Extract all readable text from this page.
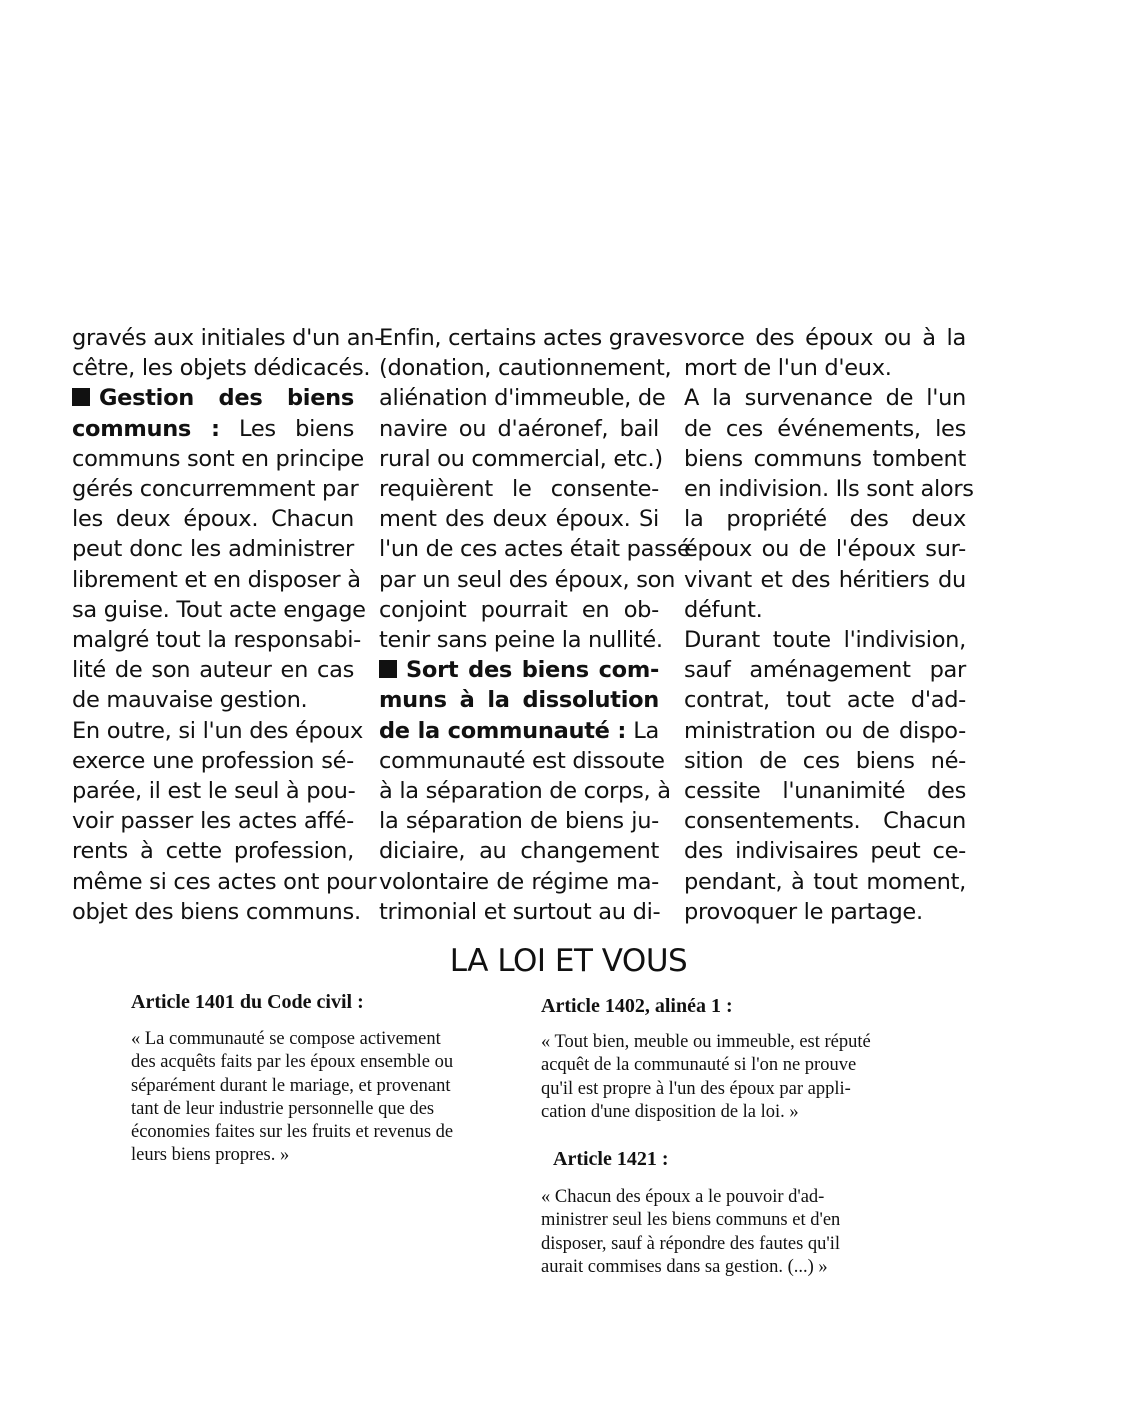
gravés aux initiales d'un an-
cêtre, les objets dédicacés.
Gestion des biens
communs : Les biens
communs sont en principe
gérés concurremment par
les deux époux. Chacun
peut donc les administrer
librement et en disposer à
sa guise. Tout acte engage
malgré tout la responsabi-
lité de son auteur en cas
de mauvaise gestion.
En outre, si l'un des époux
exerce une profession sé-
parée, il est le seul à pou-
voir passer les actes affé-
rents à cette profession,
même si ces actes ont pour
objet des biens communs.
Enfin, certains actes graves
(donation, cautionnement,
aliénation d'immeuble, de
navire ou d'aéronef, bail
rural ou commercial, etc.)
requièrent le consente-
ment des deux époux. Si
l'un de ces actes était passé
par un seul des époux, son
conjoint pourrait en ob-
tenir sans peine la nullité.
Sort des biens com-
muns à la dissolution
de la communauté : La
communauté est dissoute
à la séparation de corps, à
la séparation de biens ju-
diciaire, au changement
volontaire de régime ma-
trimonial et surtout au di-
vorce des époux ou à la
mort de l'un d'eux.
A la survenance de l'un
de ces événements, les
biens communs tombent
en indivision. Ils sont alors
la propriété des deux
époux ou de l'époux sur-
vivant et des héritiers du
défunt.
Durant toute l'indivision,
sauf aménagement par
contrat, tout acte d'ad-
ministration ou de dispo-
sition de ces biens né-
cessite l'unanimité des
consentements. Chacun
des indivisaires peut ce-
pendant, à tout moment,
provoquer le partage.
LA LOI ET VOUS
Article 1401 du Code civil :
« La communauté se compose activement
des acquêts faits par les époux ensemble ou
séparément durant le mariage, et provenant
tant de leur industrie personnelle que des
économies faites sur les fruits et revenus de
leurs biens propres. »
Article 1402, alinéa 1 :
« Tout bien, meuble ou immeuble, est réputé
acquêt de la communauté si l'on ne prouve
qu'il est propre à l'un des époux par appli-
cation d'une disposition de la loi. »
Article 1421 :
« Chacun des époux a le pouvoir d'ad-
ministrer seul les biens communs et d'en
disposer, sauf à répondre des fautes qu'il
aurait commises dans sa gestion. (...) »
